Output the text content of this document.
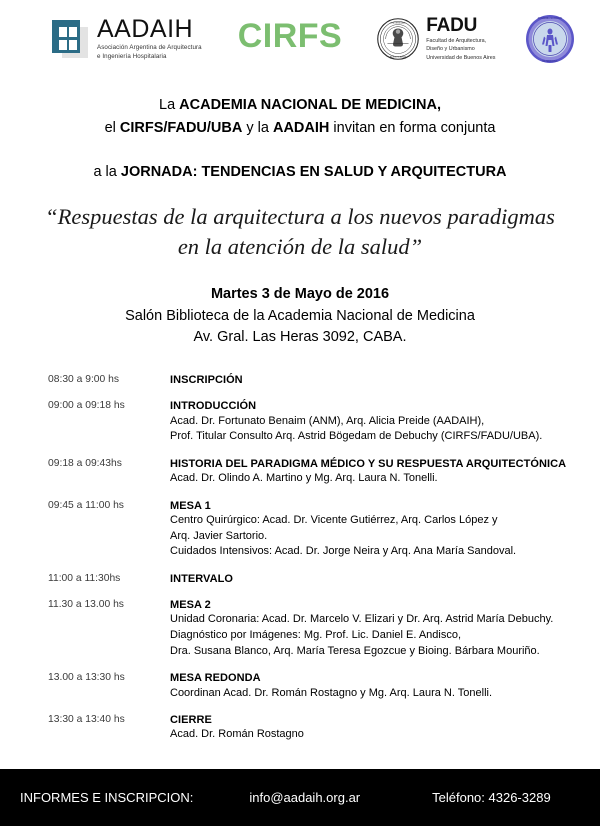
AADAIH
Asociación Argentina de Arquitectura
e Ingeniería Hospitalaria
CIRFS	UNIVERSIDAD
BUENOS AIRES
FADU
Facultad de Arquitectura,
Diseño y Urbanismo
Universidad de Buenos Aires
ACADEMIA NACIONAL
DE MEDICINA
La ACADEMIA NACIONAL DE MEDICINA,
el CIRFS/FADU/UBA y la AADAIH invitan en forma conjunta
a la JORNADA: TENDENCIAS EN SALUD Y ARQUITECTURA
“Respuestas de la arquitectura a los nuevos paradigmas
en la atención de la salud”
Martes 3 de Mayo de 2016
Salón Biblioteca de la Academia Nacional de Medicina
Av. Gral. Las Heras 3092, CABA.
08:30 a 9:00 hs	INSCRIPCIÓN
09:00 a 09:18 hs	INTRODUCCIÓN
Acad. Dr. Fortunato Benaim (ANM), Arq. Alicia Preide (AADAIH),
Prof. Titular Consulto Arq. Astrid Bögedam de Debuchy (CIRFS/FADU/UBA).
09:18 a 09:43hs	HISTORIA DEL PARADIGMA MÉDICO Y SU RESPUESTA ARQUITECTÓNICA
Acad. Dr. Olindo A. Martino y Mg. Arq. Laura N. Tonelli.
09:45 a 11:00 hs	MESA 1
Centro Quirúrgico: Acad. Dr. Vicente Gutiérrez, Arq. Carlos López y
Arq. Javier Sartorio.
Cuidados Intensivos: Acad. Dr. Jorge Neira y Arq. Ana María Sandoval.
11:00 a 11:30hs	INTERVALO
11.30 a 13.00 hs	MESA 2
Unidad Coronaria: Acad. Dr. Marcelo V. Elizari y Dr. Arq. Astrid María Debuchy.
Diagnóstico por Imágenes: Mg. Prof. Lic. Daniel E. Andisco,
Dra. Susana Blanco, Arq. María Teresa Egozcue y Bioing. Bárbara Mouriño.
13.00 a 13:30 hs	MESA REDONDA
Coordinan Acad. Dr. Román Rostagno y Mg. Arq. Laura N. Tonelli.
13:30 a 13:40 hs	CIERRE
Acad. Dr. Román Rostagno
INFORMES E INSCRIPCION:	info@aadaih.org.ar	Teléfono: 4326-3289
